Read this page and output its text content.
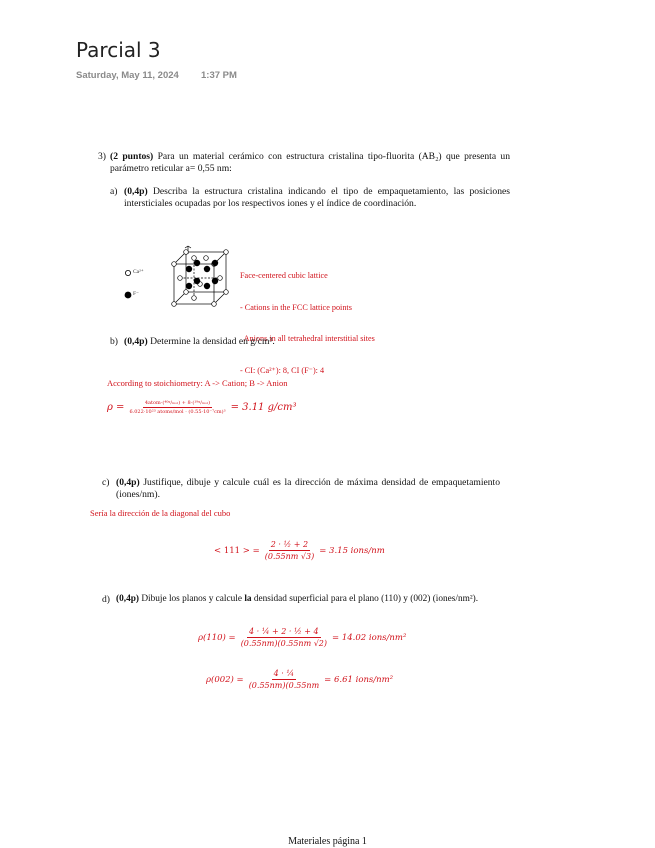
Parcial 3
Saturday, May 11, 2024 1:37 PM
3) (2 puntos) Para un material cerámico con estructura cristalina tipo-fluorita (AB₂) que presenta un parámetro reticular a= 0,55 nm:
a) (0,4p) Describa la estructura cristalina indicando el tipo de empaquetamiento, las posiciones intersticiales ocupadas por los respectivos iones y el índice de coordinación.
Ca²⁺
F⁻

Face-centered cubic lattice

- Cations in the FCC lattice points

Anions in all tetrahedral interstitial sites

- CI: (Ca²⁺): 8, CI (F⁻): 4

b) (0,4p) Determine la densidad en g/cm³.
According to stoichiometry: A -> Cation; B -> Anion
$\rho = \frac{\text{4atom·(⁴⁰ᵍ/ₘₒₗ) + 8·(¹⁹ᵍ/ₘₒₗ)}}{\text{6.022·10²³ atoms/mol · (0.55·10⁻⁷cm)³}} = 3.11$ g/cm³
c) (0,4p) Justifique, dibuje y calcule cuál es la dirección de máxima densidad de empaquetamiento (iones/nm).
Sería la dirección de la diagonal del cubo
< 111 > = $\frac{\text{2 · ½ + 2}}{(0.55nm √3)} = 3.15$ ions/nm
d) (0,4p) Dibuje los planos y calcule la densidad superficial para el plano (110) y (002) (iones/nm²).
$\rho(110) = \frac{\text{4 · ¼ + 2 · ½ + 4}}{(0.55nm)(0.55nm √2)} = 14.02$ ions/nm²
$\rho(002) = \frac{\text{4 · ¼}}{(0.55nm)(0.55nm} = 6.61$ ions/nm²
Materiales página 1
